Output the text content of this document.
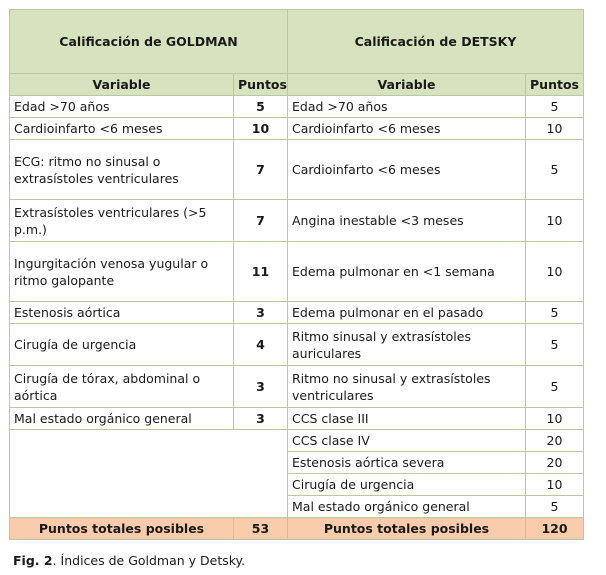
Calificación de GOLDMAN		Calificación de DETSKY	
Variable	Puntos	Variable	Puntos
Edad >70 años	5	Edad >70 años	5
Cardioinfarto <6 meses	10	Cardioinfarto <6 meses	10
ECG: ritmo no sinusal o extrasístoles ventriculares	7	Cardioinfarto <6 meses	5
Extrasístoles ventriculares (>5 p.m.)	7	Angina inestable <3 meses	10
Ingurgitación venosa yugular o ritmo galopante	11	Edema pulmonar en <1 semana	10
Estenosis aórtica	3	Edema pulmonar en el pasado	5
Cirugía de urgencia	4	Ritmo sinusal y extrasístoles auriculares	5
Cirugía de tórax, abdominal o aórtica	3	Ritmo no sinusal y extrasístoles ventriculares	5
Mal estado orgánico general	3	CCS clase III	10
		CCS clase IV	20
		Estenosis aórtica severa	20
		Cirugía de urgencia	10
		Mal estado orgánico general	5
Puntos totales posibles	53	Puntos totales posibles	120
Fig. 2. Índices de Goldman y Detsky.
